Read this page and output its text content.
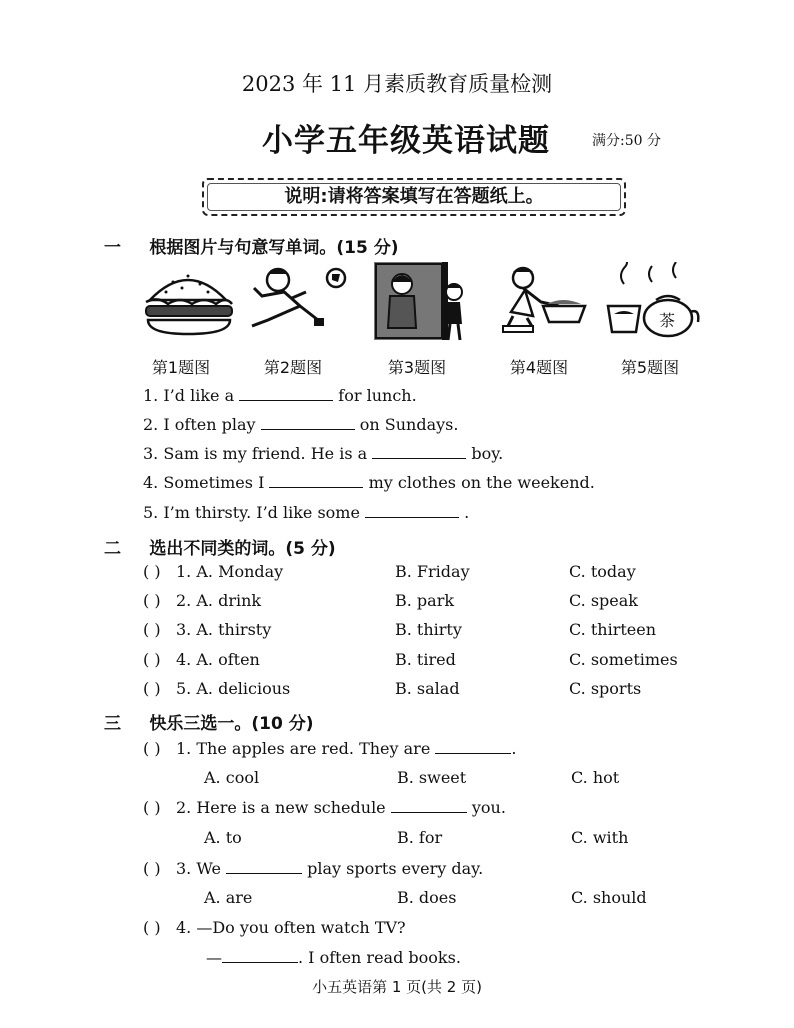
2023 年 11 月素质教育质量检测
小学五年级英语试题	满分:50 分
说明:请将答案填写在答题纸上。
一 根据图片与句意写单词。(15 分)
茶
第1题图	第2题图	第3题图	第4题图	第5题图
1. I’d like a	for lunch.
2. I often play	on Sundays.
3. Sam is my friend. He is a	boy.
4. Sometimes I	my clothes on the weekend.
5. I’m thirsty. I’d like some	.
二 选出不同类的词。(5 分)
( ) 1. A. Monday	B. Friday	C. today
( ) 2. A. drink	B. park	C. speak
( ) 3. A. thirsty	B. thirty	C. thirteen
( ) 4. A. often	B. tired	C. sometimes
( ) 5. A. delicious	B. salad	C. sports
三 快乐三选一。(10 分)
( ) 1. The apples are red. They are	.
A. cool	B. sweet	C. hot
( ) 2. Here is a new schedule	you.
A. to	B. for	C. with
( ) 3. We	play sports every day.
A. are	B. does	C. should
( ) 4. —Do you often watch TV?
—	. I often read books.
小五英语第 1 页(共 2 页)
